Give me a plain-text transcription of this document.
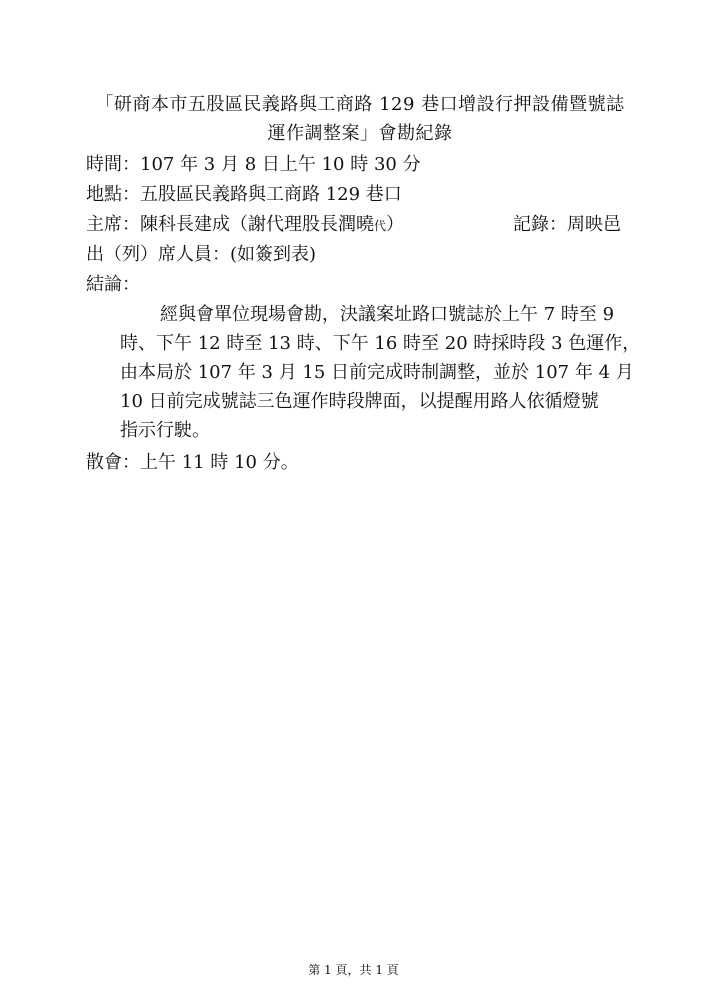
「研商本市五股區民義路與工商路 129 巷口增設行押設備暨號誌
運作調整案」會勘紀錄
時間：107 年 3 月 8 日上午 10 時 30 分
地點：五股區民義路與工商路 129 巷口
主席：陳科長建成（謝代理股長潤曉代）	記錄：周映邑
出（列）席人員：(如簽到表)
結論：
經與會單位現場會勘，決議案址路口號誌於上午 7 時至 9
時、下午 12 時至 13 時、下午 16 時至 20 時採時段 3 色運作，
由本局於 107 年 3 月 15 日前完成時制調整，並於 107 年 4 月
10 日前完成號誌三色運作時段牌面，以提醒用路人依循燈號
指示行駛。
散會：上午 11 時 10 分。
第 1 頁，共 1 頁
